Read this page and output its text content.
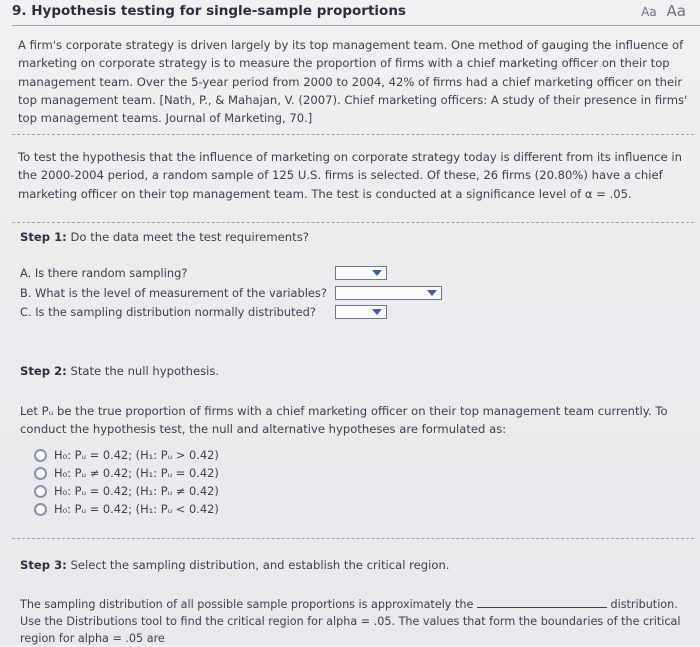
9. Hypothesis testing for single-sample proportions	Aa Aa
A firm's corporate strategy is driven largely by its top management team. One method of gauging the influence of marketing on corporate strategy is to measure the proportion of firms with a chief marketing officer on their top management team. Over the 5-year period from 2000 to 2004, 42% of firms had a chief marketing officer on their top management team. [Nath, P., & Mahajan, V. (2007). Chief marketing officers: A study of their presence in firms' top management teams. Journal of Marketing, 70.]
To test the hypothesis that the influence of marketing on corporate strategy today is different from its influence in the 2000-2004 period, a random sample of 125 U.S. firms is selected. Of these, 26 firms (20.80%) have a chief marketing officer on their top management team. The test is conducted at a significance level of α = .05.
Step 1: Do the data meet the test requirements?
A. Is there random sampling?
B. What is the level of measurement of the variables?
C. Is the sampling distribution normally distributed?
Step 2: State the null hypothesis.
Let Pᵤ be the true proportion of firms with a chief marketing officer on their top management team currently. To conduct the hypothesis test, the null and alternative hypotheses are formulated as:
H₀: Pᵤ = 0.42; (H₁: Pᵤ > 0.42)
H₀: Pᵤ ≠ 0.42; (H₁: Pᵤ = 0.42)
H₀: Pᵤ = 0.42; (H₁: Pᵤ ≠ 0.42)
H₀: Pᵤ = 0.42; (H₁: Pᵤ < 0.42)
Step 3: Select the sampling distribution, and establish the critical region.
The sampling distribution of all possible sample proportions is approximately the	distribution. Use the Distributions tool to find the critical region for alpha = .05. The values that form the boundaries of the critical region for alpha = .05 are
